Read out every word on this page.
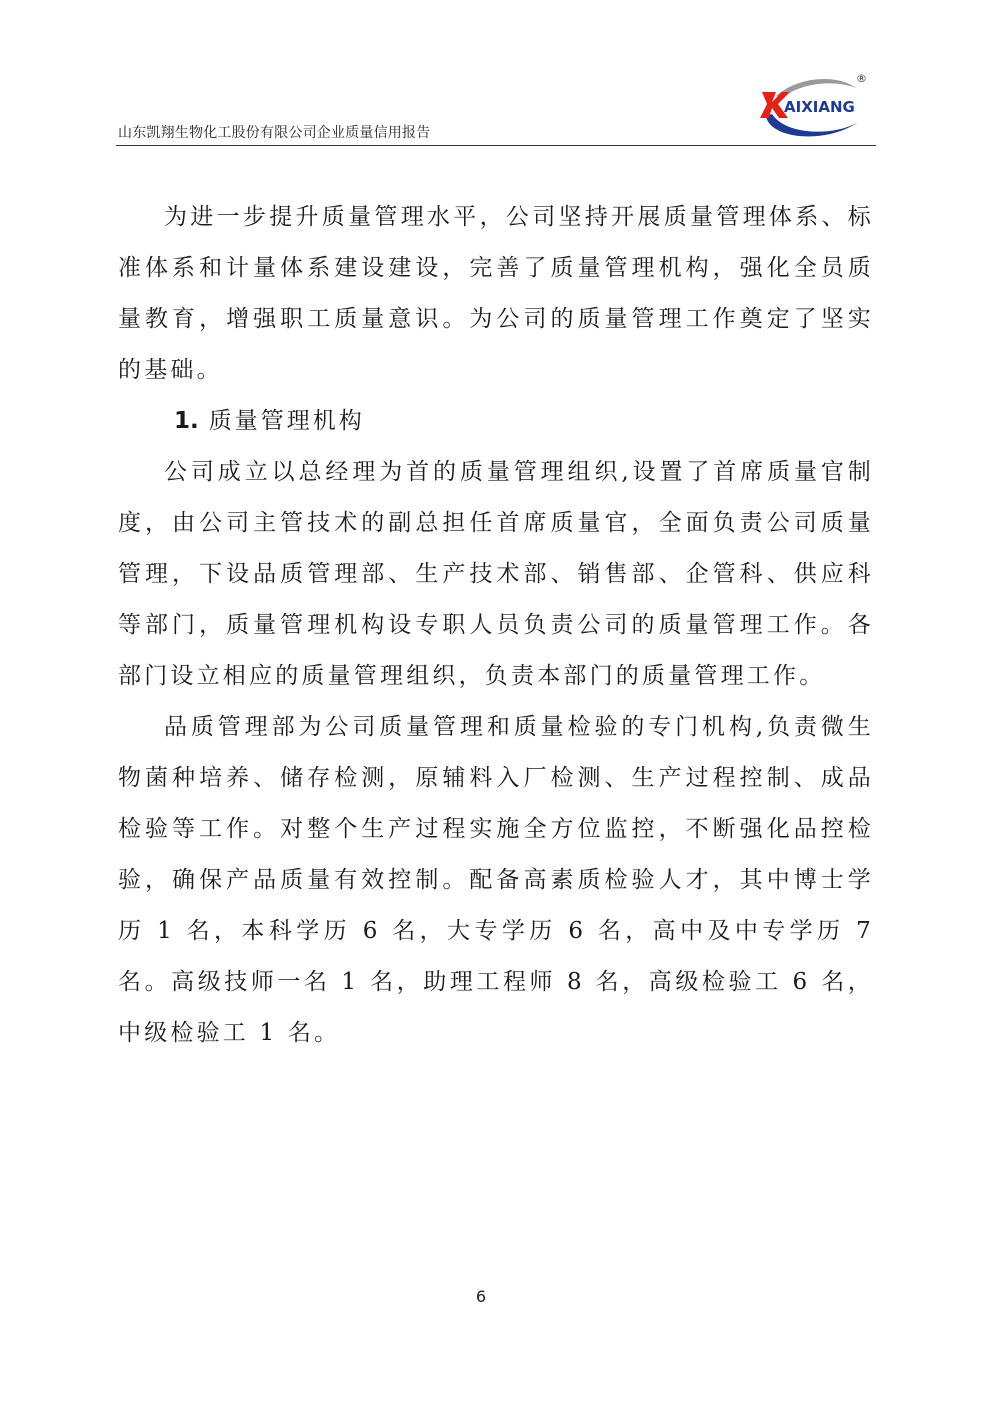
山东凯翔生物化工股份有限公司企业质量信用报告
AIXIANG
®

为进一步提升质量管理水平，公司坚持开展质量管理体系、标准体系和计量体系建设建设，完善了质量管理机构，强化全员质量教育，增强职工质量意识。为公司的质量管理工作奠定了坚实的基础。

1. 质量管理机构

公司成立以总经理为首的质量管理组织,设置了首席质量官制度，由公司主管技术的副总担任首席质量官，全面负责公司质量管理，下设品质管理部、生产技术部、销售部、企管科、供应科等部门，质量管理机构设专职人员负责公司的质量管理工作。各部门设立相应的质量管理组织，负责本部门的质量管理工作。

品质管理部为公司质量管理和质量检验的专门机构,负责微生物菌种培养、储存检测，原辅料入厂检测、生产过程控制、成品检验等工作。对整个生产过程实施全方位监控，不断强化品控检验，确保产品质量有效控制。配备高素质检验人才，其中博士学历 1 名，本科学历 6 名，大专学历 6 名，高中及中专学历 7 名。高级技师一名 1 名，助理工程师 8 名，高级检验工 6 名，中级检验工 1 名。

6
